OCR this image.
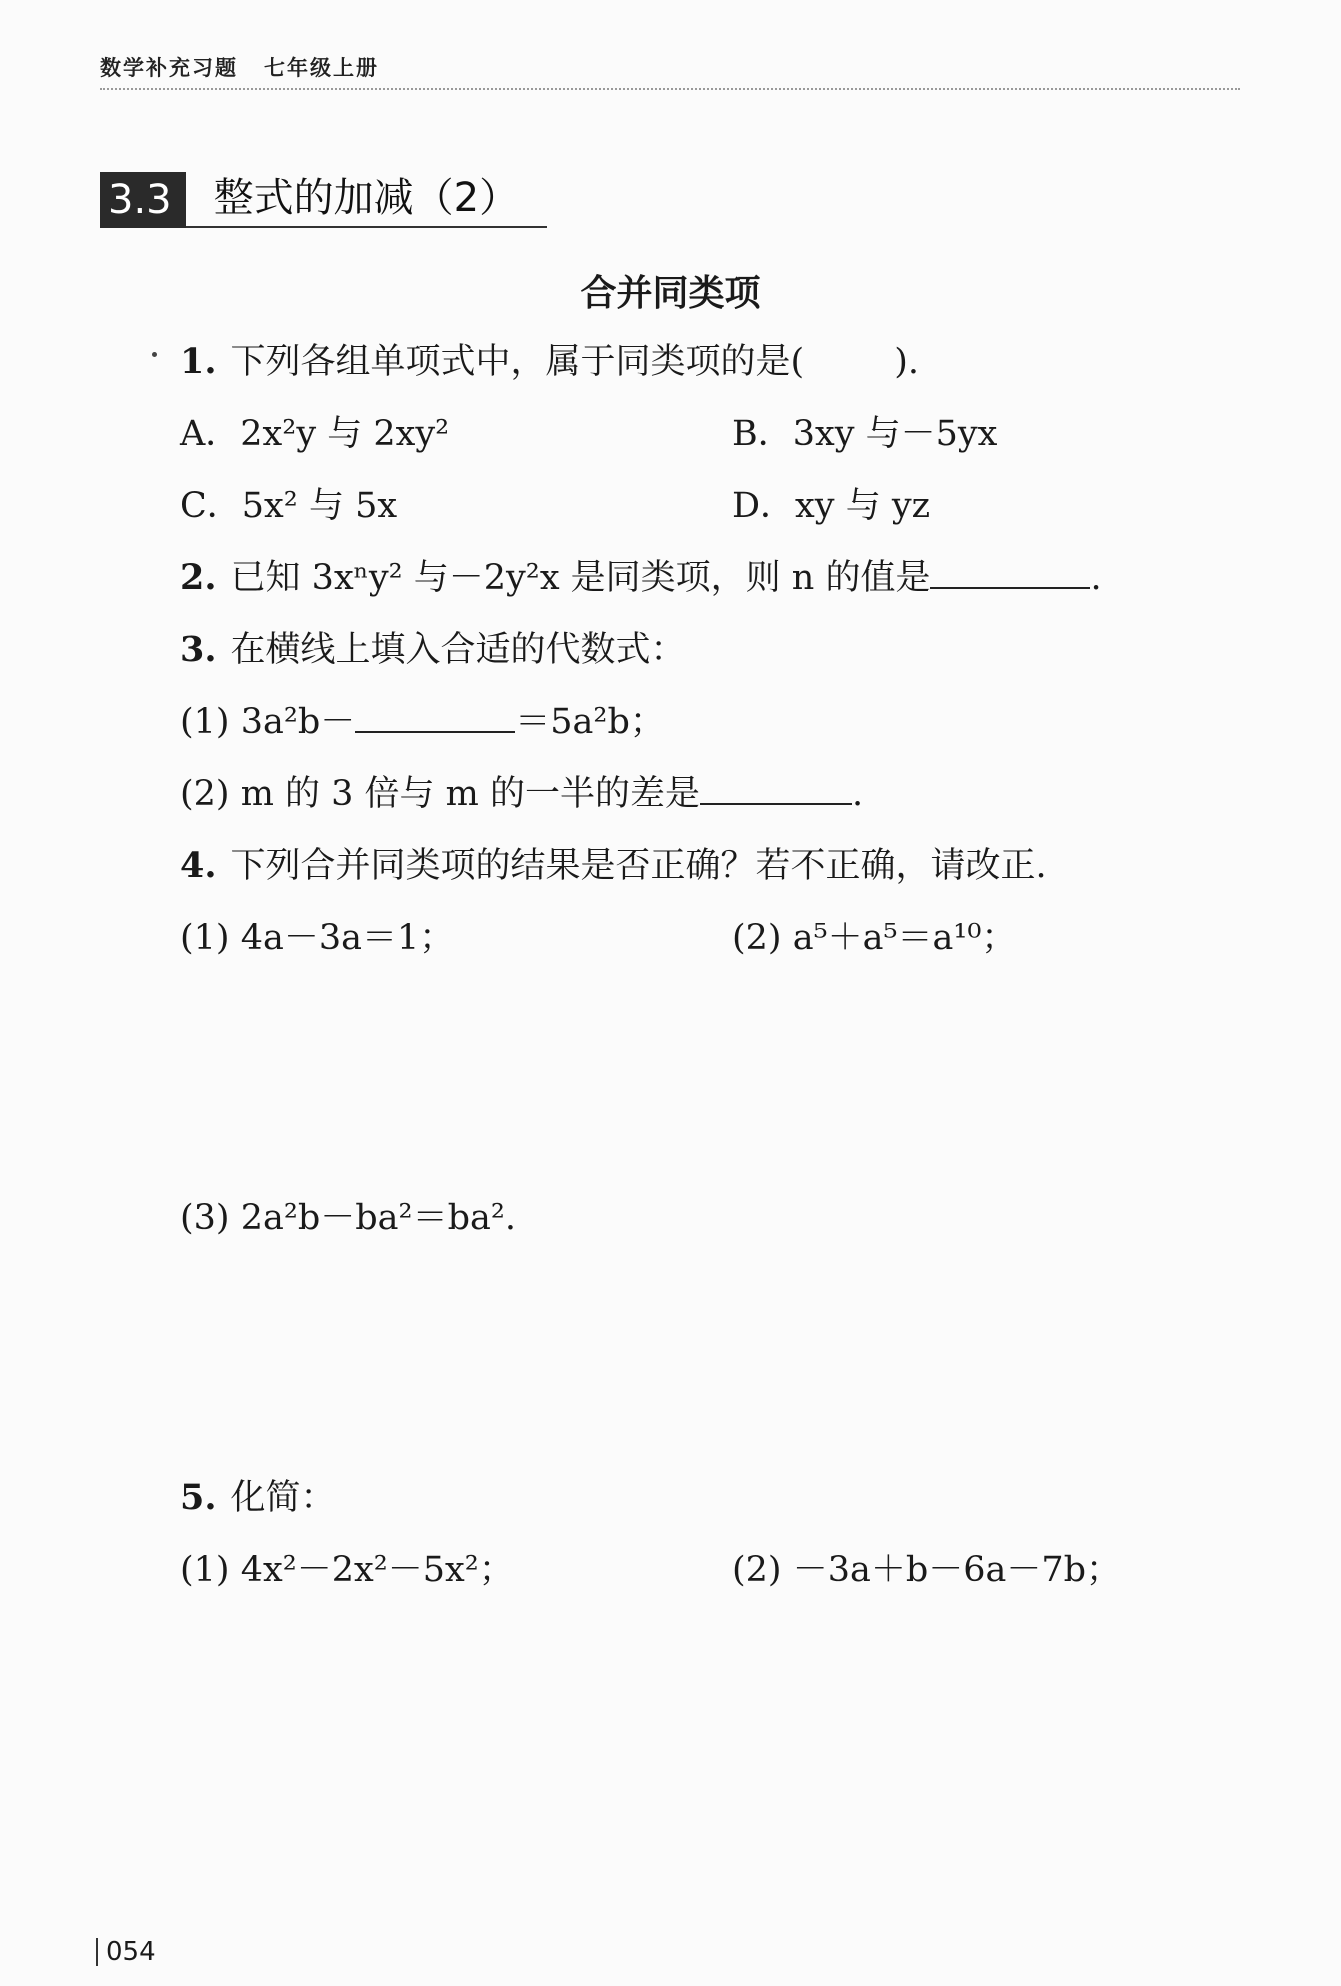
数学补充习题 七年级上册
3.3	整式的加减（2）
合并同类项
1. 下列各组单项式中，属于同类项的是(	).
A．2x²y 与 2xy²	B．3xy 与－5yx
C．5x² 与 5x	D．xy 与 yz
2. 已知 3xⁿy² 与－2y²x 是同类项，则 n 的值是	.
3. 在横线上填入合适的代数式：
(1) 3a²b－	＝5a²b；
(2) m 的 3 倍与 m 的一半的差是	.
4. 下列合并同类项的结果是否正确？若不正确，请改正.
(1) 4a－3a＝1；	(2) a⁵＋a⁵＝a¹⁰；
(3) 2a²b－ba²＝ba².
5. 化简：
(1) 4x²－2x²－5x²；	(2) －3a＋b－6a－7b；
054
